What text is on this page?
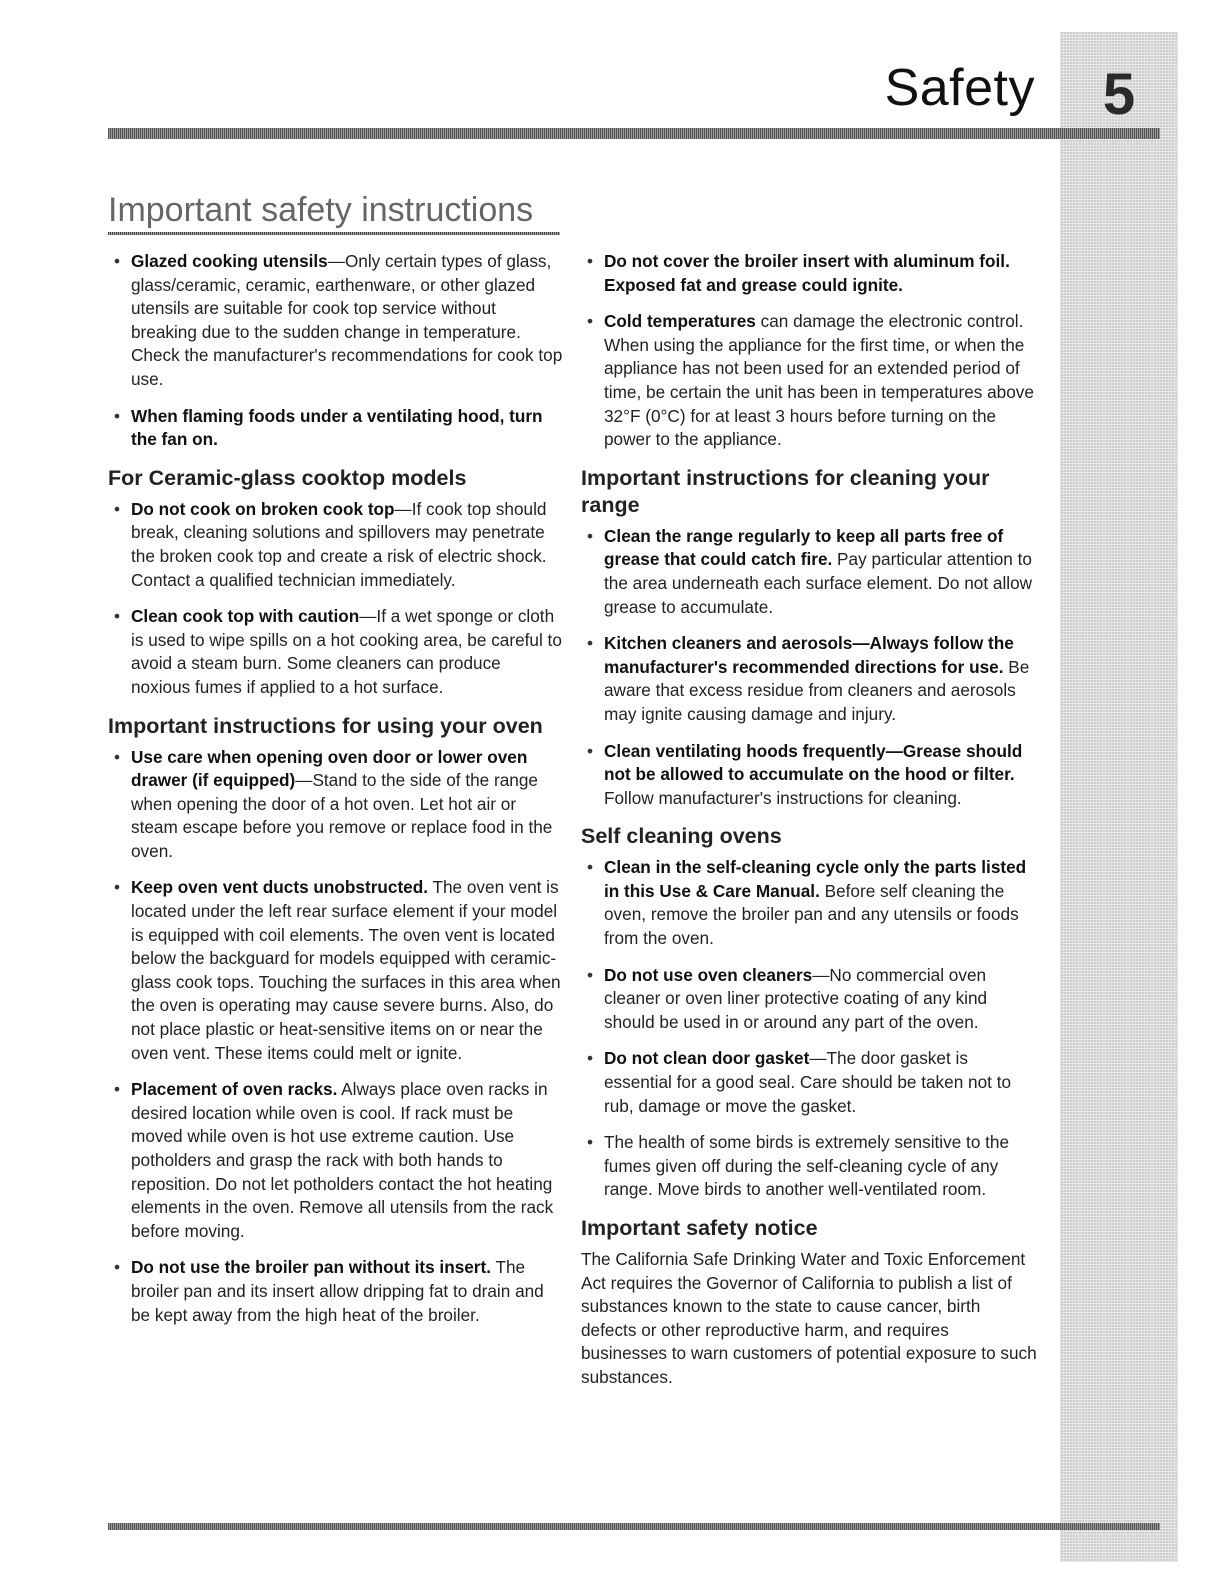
Safety	5
Important safety instructions
• Glazed cooking utensils—Only certain types of glass, glass/ceramic, ceramic, earthenware, or other glazed utensils are suitable for cook top service without breaking due to the sudden change in temperature. Check the manufacturer's recommendations for cook top use.
• When flaming foods under a ventilating hood, turn the fan on.
For Ceramic-glass cooktop models
• Do not cook on broken cook top—If cook top should break, cleaning solutions and spillovers may penetrate the broken cook top and create a risk of electric shock. Contact a qualified technician immediately.
• Clean cook top with caution—If a wet sponge or cloth is used to wipe spills on a hot cooking area, be careful to avoid a steam burn. Some cleaners can produce noxious fumes if applied to a hot surface.
Important instructions for using your oven
• Use care when opening oven door or lower oven drawer (if equipped)—Stand to the side of the range when opening the door of a hot oven. Let hot air or steam escape before you remove or replace food in the oven.
• Keep oven vent ducts unobstructed. The oven vent is located under the left rear surface element if your model is equipped with coil elements. The oven vent is located below the backguard for models equipped with ceramic-glass cook tops. Touching the surfaces in this area when the oven is operating may cause severe burns. Also, do not place plastic or heat-sensitive items on or near the oven vent. These items could melt or ignite.
• Placement of oven racks. Always place oven racks in desired location while oven is cool. If rack must be moved while oven is hot use extreme caution. Use potholders and grasp the rack with both hands to reposition. Do not let potholders contact the hot heating elements in the oven. Remove all utensils from the rack before moving.
• Do not use the broiler pan without its insert. The broiler pan and its insert allow dripping fat to drain and be kept away from the high heat of the broiler.
• Do not cover the broiler insert with aluminum foil. Exposed fat and grease could ignite.
• Cold temperatures can damage the electronic control. When using the appliance for the first time, or when the appliance has not been used for an extended period of time, be certain the unit has been in temperatures above 32°F (0°C) for at least 3 hours before turning on the power to the appliance.
Important instructions for cleaning your range
• Clean the range regularly to keep all parts free of grease that could catch fire. Pay particular attention to the area underneath each surface element. Do not allow grease to accumulate.
• Kitchen cleaners and aerosols—Always follow the manufacturer's recommended directions for use. Be aware that excess residue from cleaners and aerosols may ignite causing damage and injury.
• Clean ventilating hoods frequently—Grease should not be allowed to accumulate on the hood or filter. Follow manufacturer's instructions for cleaning.
Self cleaning ovens
• Clean in the self-cleaning cycle only the parts listed in this Use & Care Manual. Before self cleaning the oven, remove the broiler pan and any utensils or foods from the oven.
• Do not use oven cleaners—No commercial oven cleaner or oven liner protective coating of any kind should be used in or around any part of the oven.
• Do not clean door gasket—The door gasket is essential for a good seal. Care should be taken not to rub, damage or move the gasket.
• The health of some birds is extremely sensitive to the fumes given off during the self-cleaning cycle of any range. Move birds to another well-ventilated room.
Important safety notice

The California Safe Drinking Water and Toxic Enforcement Act requires the Governor of California to publish a list of substances known to the state to cause cancer, birth defects or other reproductive harm, and requires businesses to warn customers of potential exposure to such substances.
